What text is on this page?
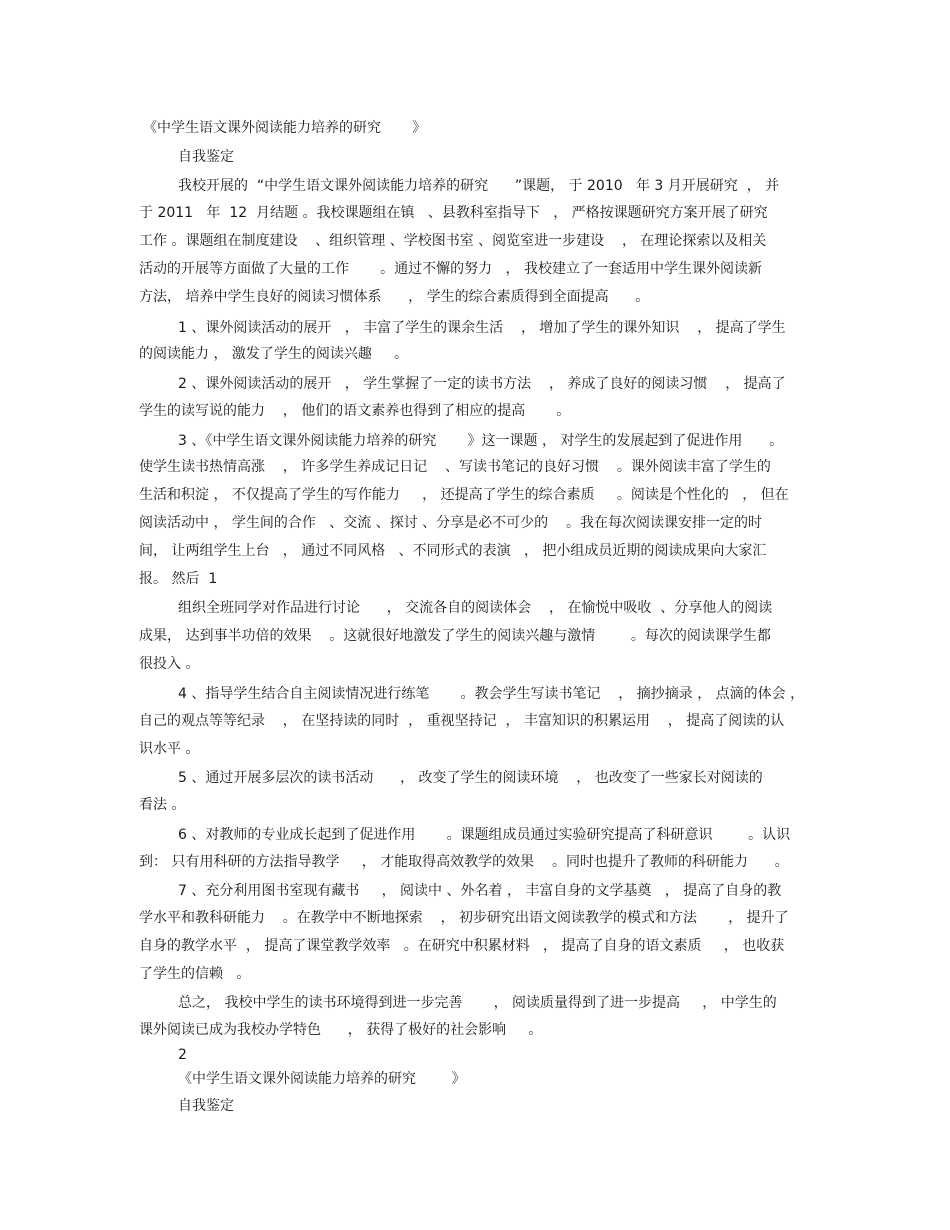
《中学生语文课外阅读能力培养的研究       》
自我鉴定
我校开展的  “中学生语文课外阅读能力培养的研究      ”课题， 于 2010   年 3 月开展研究  ， 并
于 2011   年  12  月结题 。我校课题组在镇   、县教科室指导下   ， 严格按课题研究方案开展了研究
工作 。课题组在制度建设    、组织管理 、学校图书室 、阅览室进一步建设    ， 在理论探索以及相关
活动的开展等方面做了大量的工作       。通过不懈的努力   ， 我校建立了一套适用中学生课外阅读新
方法， 培养中学生良好的阅读习惯体系      ， 学生的综合素质得到全面提高      。
1 、课外阅读活动的展开   ， 丰富了学生的课余生活    ， 增加了学生的课外知识    ， 提高了学生
的阅读能力 ， 激发了学生的阅读兴趣     。
2 、课外阅读活动的展开   ， 学生掌握了一定的读书方法    ， 养成了良好的阅读习惯    ， 提高了
学生的读写说的能力    ， 他们的语文素养也得到了相应的提高       。
3 、《中学生语文课外阅读能力培养的研究       》这一课题 ， 对学生的发展起到了促进作用      。
使学生读书热情高涨    ， 许多学生养成记日记    、写读书笔记的良好习惯    。课外阅读丰富了学生的
生活和积淀 ， 不仅提高了学生的写作能力     ， 还提高了学生的综合素质     。阅读是个性化的   ， 但在
阅读活动中 ， 学生间的合作   、交流 、探讨 、分享是必不可少的    。我在每次阅读课安排一定的时
间， 让两组学生上台   ， 通过不同风格   、不同形式的表演   ， 把小组成员近期的阅读成果向大家汇
报。 然后  1
组织全班同学对作品进行讨论      ， 交流各自的阅读体会    ， 在愉悦中吸收  、分享他人的阅读
成果， 达到事半功倍的效果    。这就很好地激发了学生的阅读兴趣与激情        。每次的阅读课学生都
很投入 。
4 、指导学生结合自主阅读情况进行练笔       。教会学生写读书笔记    ， 摘抄摘录 ， 点滴的体会 ，
自己的观点等等纪录    ， 在坚持读的同时  ， 重视坚持记  ， 丰富知识的积累运用    ， 提高了阅读的认
识水平 。
5 、通过开展多层次的读书活动      ， 改变了学生的阅读环境    ， 也改变了一些家长对阅读的
看法 。
6 、对教师的专业成长起到了促进作用       。课题组成员通过实验研究提高了科研意识        。认识
到： 只有用科研的方法指导教学     ， 才能取得高效教学的效果    。同时也提升了教师的科研能力      。
7 、充分利用图书室现有藏书     ， 阅读中 、外名着 ， 丰富自身的文学基奠   ， 提高了自身的教
学水平和教科研能力    。在教学中不断地探索    ， 初步研究出语文阅读教学的模式和方法       ， 提升了
自身的教学水平  ， 提高了课堂教学效率   。在研究中积累材料   ， 提高了自身的语文素质     ， 也收获
了学生的信赖   。
总之， 我校中学生的读书环境得到进一步完善       ， 阅读质量得到了进一步提高     ， 中学生的
课外阅读已成为我校办学特色      ， 获得了极好的社会影响     。
2
《中学生语文课外阅读能力培养的研究        》
自我鉴定
